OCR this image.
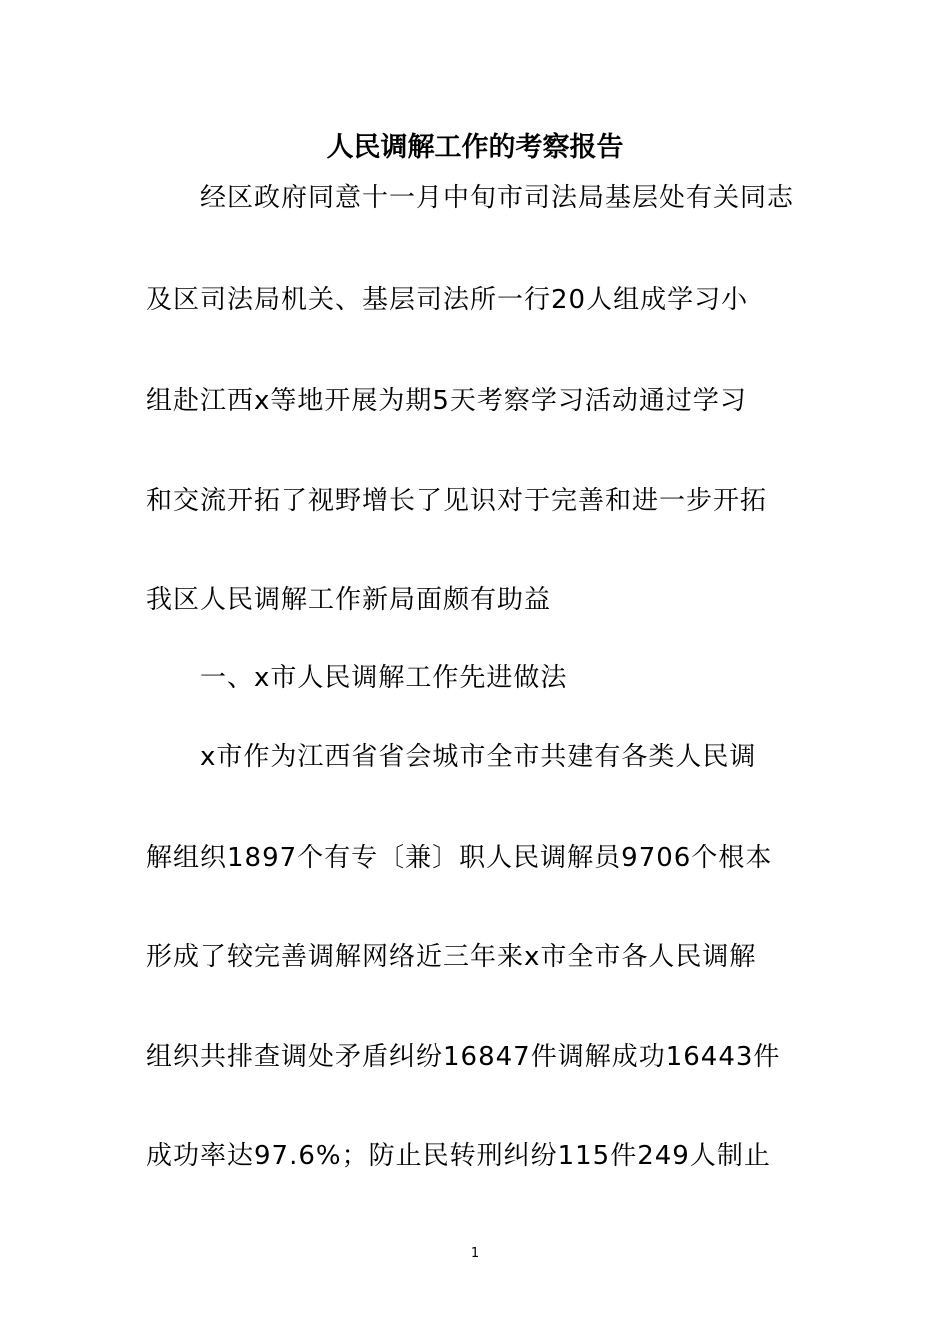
人民调解工作的考察报告
经区政府同意十一月中旬市司法局基层处有关同志
及区司法局机关、基层司法所一行20人组成学习小
组赴江西x等地开展为期5天考察学习活动通过学习
和交流开拓了视野增长了见识对于完善和进一步开拓
我区人民调解工作新局面颇有助益
一、x市人民调解工作先进做法
x市作为江西省省会城市全市共建有各类人民调
解组织1897个有专〔兼〕职人民调解员9706个根本
形成了较完善调解网络近三年来x市全市各人民调解
组织共排查调处矛盾纠纷16847件调解成功16443件
成功率达97.6%；防止民转刑纠纷115件249人制止
1
